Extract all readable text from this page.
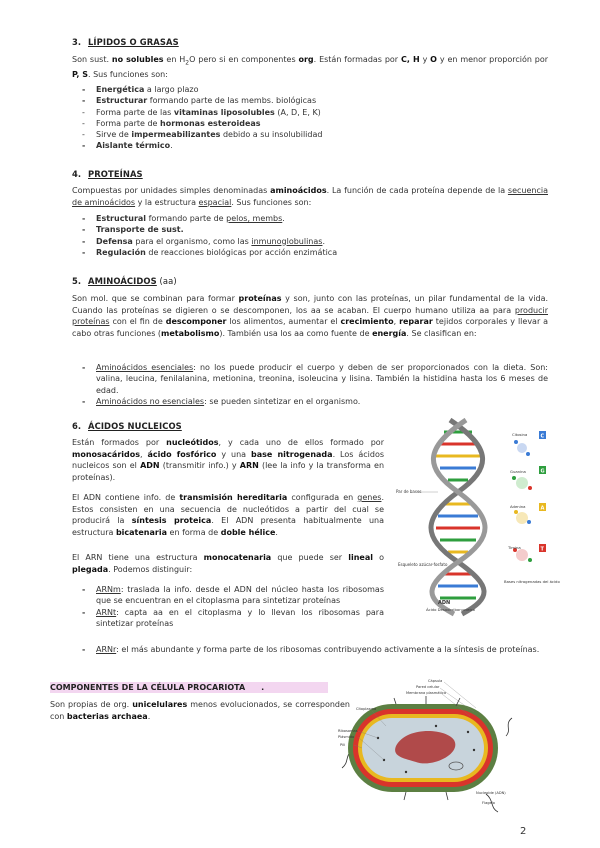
3. LÍPIDOS O GRASAS
Son sust. no solubles en $H_2O$ pero si en componentes org. Están formadas por C, H y O y en menor proporción por P, S. Sus funciones son:
- Energética a largo plazo
- Estructurar formando parte de las membs. biológicas
- Forma parte de las vitaminas liposolubles (A, D, E, K)
- Forma parte de hormonas esteroideas
- Sirve de impermeabilizantes debido a su insolubilidad
- Aislante térmico.
4. PROTEÍNAS
Compuestas por unidades simples denominadas aminoácidos. La función de cada proteína depende de la secuencia de aminoácidos y la estructura espacial. Sus funciones son:
- Estructural formando parte de pelos, membs.
- Transporte de sust.
- Defensa para el organismo, como las inmunoglobulinas.
- Regulación de reacciones biológicas por acción enzimática
5. AMINOÁCIDOS (aa)
Son mol. que se combinan para formar proteínas y son, junto con las proteínas, un pilar fundamental de la vida. Cuando las proteínas se digieren o se descomponen, los aa se acaban. El cuerpo humano utiliza aa para producir proteínas con el fin de descomponer los alimentos, aumentar el crecimiento, reparar tejidos corporales y llevar a cabo otras funciones (metabolismo). También usa los aa como fuente de energía. Se clasifican en:
- Aminoácidos esenciales: no los puede producir el cuerpo y deben de ser proporcionados con la dieta. Son: valina, leucina, fenilalanina, metionina, treonina, isoleucina y lisina. También la histidina hasta los 6 meses de edad.
- Aminoácidos no esenciales: se pueden sintetizar en el organismo.
6. ÁCIDOS NUCLEICOS
Están formados por nucleótidos, y cada uno de ellos formado por monosacáridos, ácido fosfórico y una base nitrogenada. Los ácidos nucleicos son el ADN (transmitir info.) y ARN (lee la info y la transforma en proteínas).
El ADN contiene info. de transmisión hereditaria configurada en genes. Estos consisten en una secuencia de nucleótidos a partir del cual se producirá la síntesis proteica. El ADN presenta habitualmente una estructura bicatenaria en forma de doble hélice.
El ARN tiene una estructura monocatenaria que puede ser lineal o plegada. Podemos distinguir:
- ARNm: traslada la info. desde el ADN del núcleo hasta los ribosomas que se encuentran en el citoplasma para sintetizar proteínas
- ARNt: capta aa en el citoplasma y lo llevan los ribosomas para sintetizar proteínas
- ARNr: el más abundante y forma parte de los ribosomas contribuyendo activamente a la síntesis de proteínas.
Par de bases
Esqueleto azúcar-fosfato
ADN
Ácido Desoxirribonucleico
Citosina
Guanina
Adenina
Timina
C
G
A
T
Bases nitrogenadas del ácido
COMPONENTES DE LA CÉLULA PROCARIOTA .
Son propias de org. unicelulares menos evolucionados, se corresponden con bacterias archaea.
Cápsula
Pared celular
Membrana plasmática
Citoplasma
Ribosomas
Plásmido
Pili
Nucleoide (ADN)
Flagelo
2
